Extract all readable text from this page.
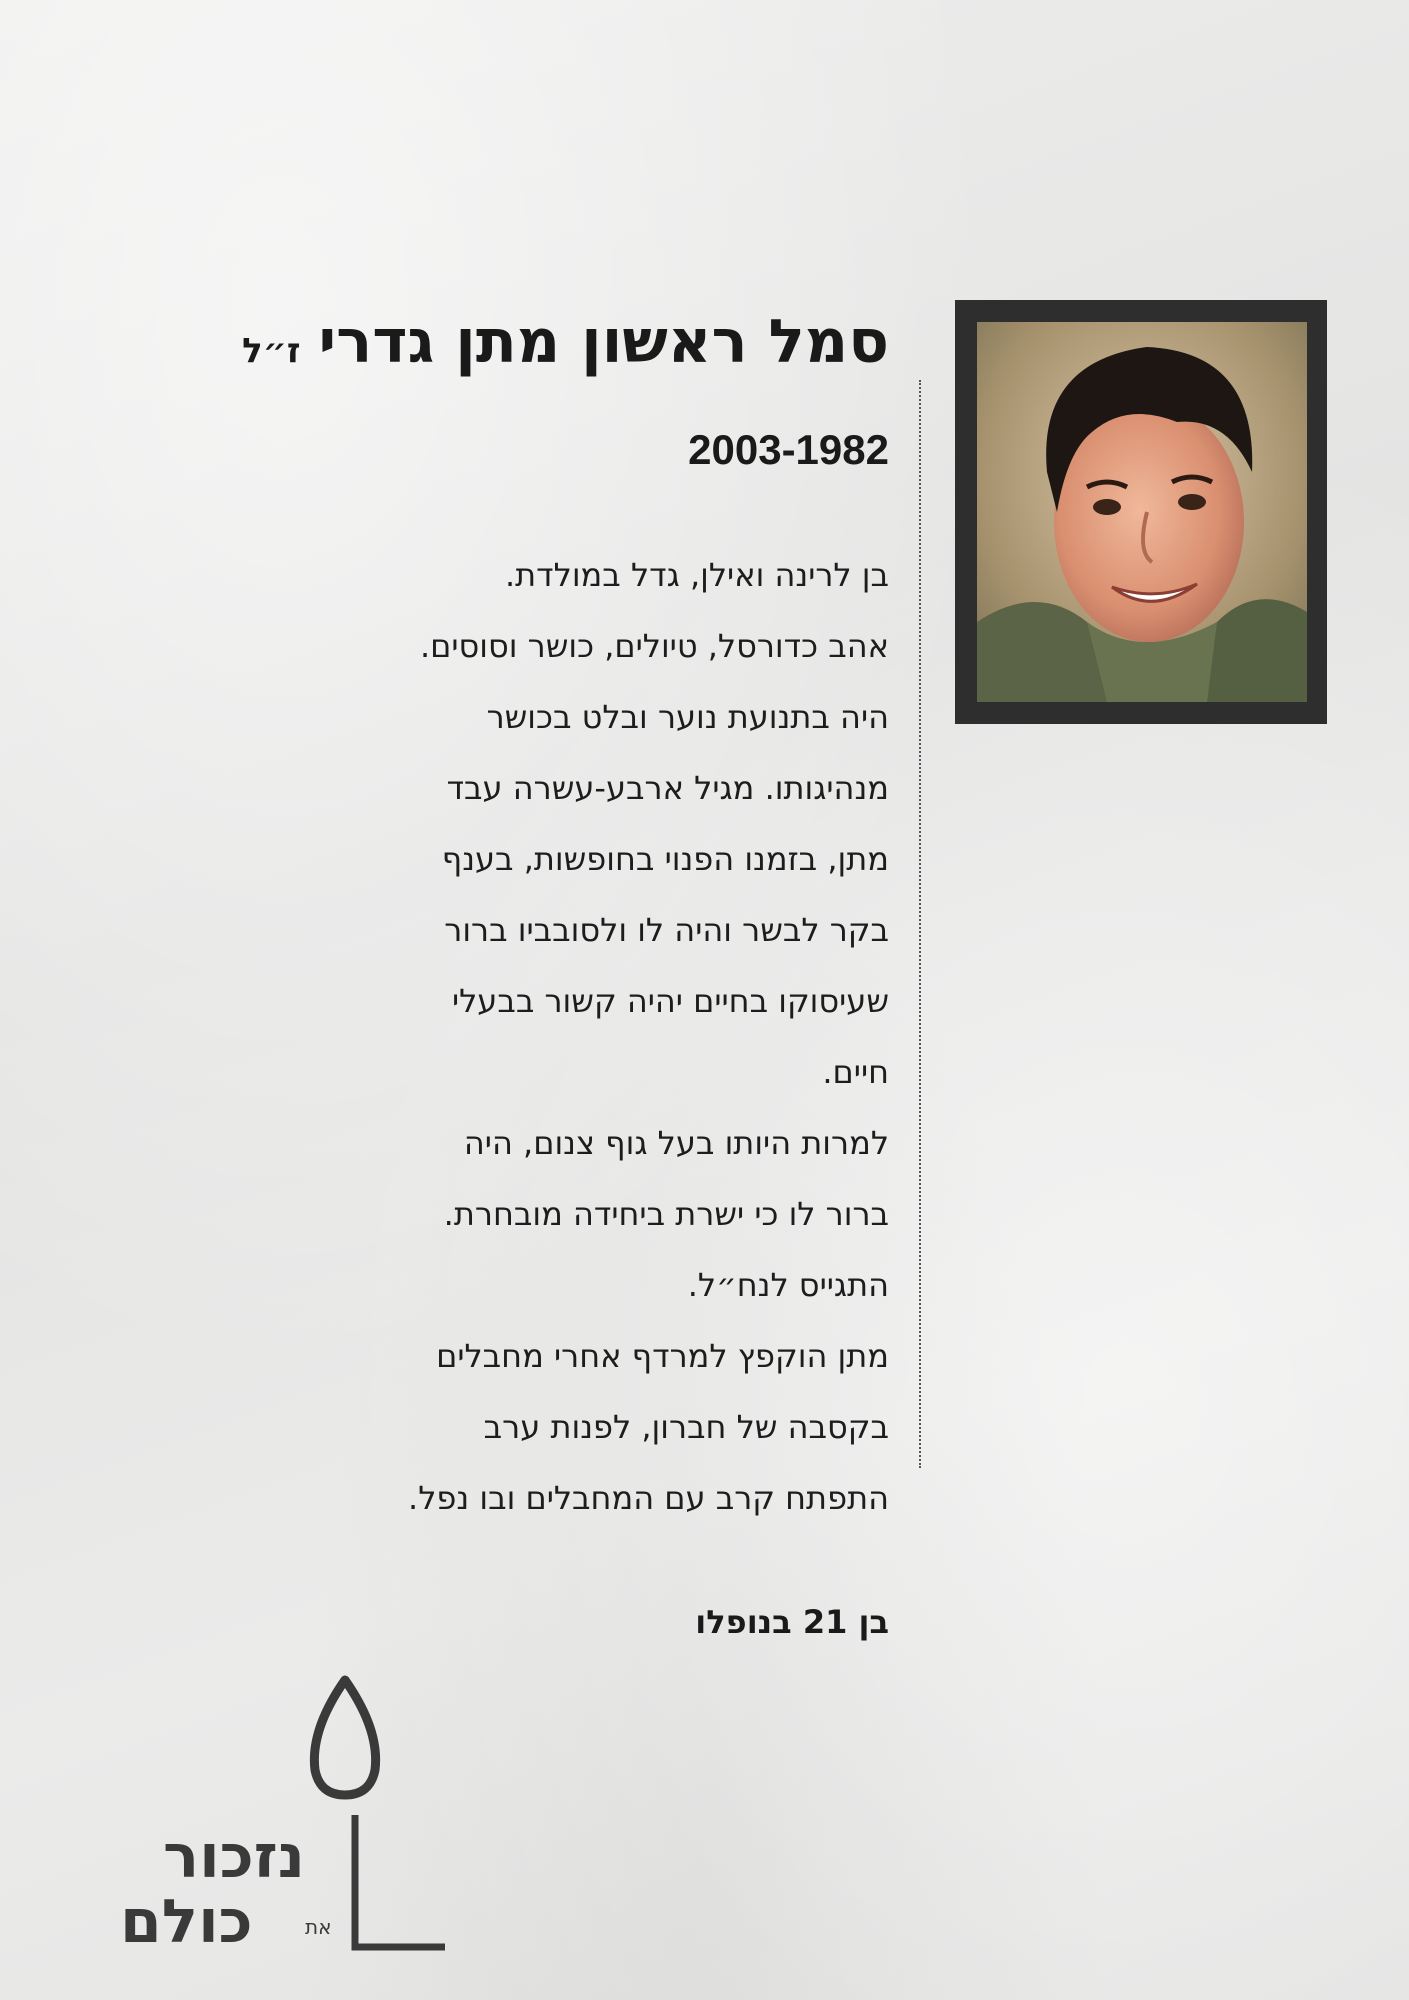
סמל ראשון מתן גדריז״ל
2003-1982
בן לרינה ואילן, גדל במולדת.
אהב כדורסל, טיולים, כושר וסוסים.
היה בתנועת נוער ובלט בכושר
מנהיגותו. מגיל ארבע-עשרה עבד
מתן, בזמנו הפנוי בחופשות, בענף
בקר לבשר והיה לו ולסובביו ברור
שעיסוקו בחיים יהיה קשור בבעלי
חיים.
למרות היותו בעל גוף צנום, היה
ברור לו כי ישרת ביחידה מובחרת.
התגייס לנח״ל.
מתן הוקפץ למרדף אחרי מחבלים
בקסבה של חברון, לפנות ערב
התפתח קרב עם המחבלים ובו נפל.
בן 21 בנופלו
נזכור
את
כולם
